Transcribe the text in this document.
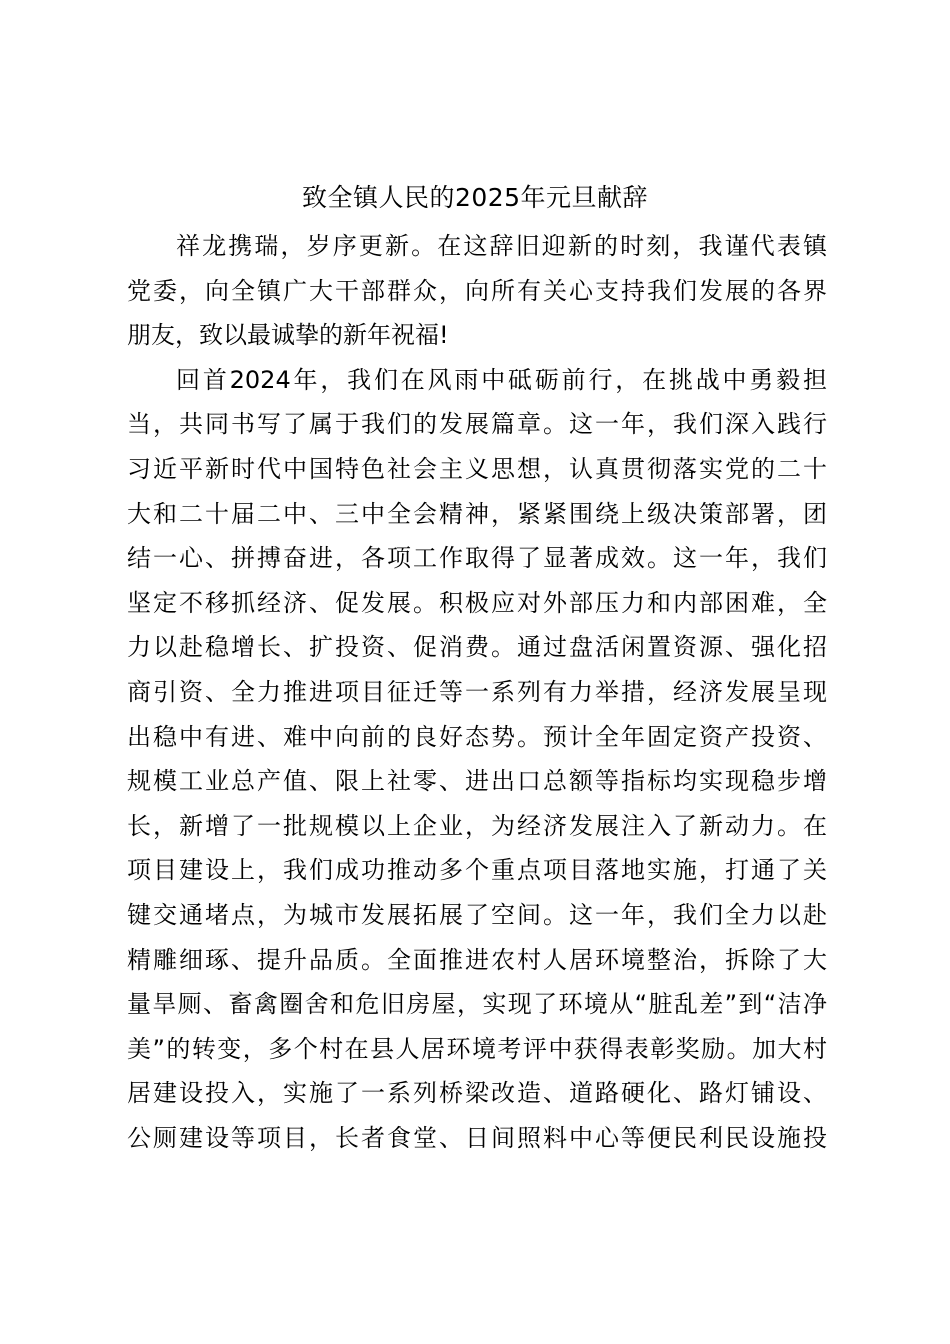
致全镇人民的2025年元旦献辞
祥龙携瑞，岁序更新。在这辞旧迎新的时刻，我谨代表镇
党委，向全镇广大干部群众，向所有关心支持我们发展的各界
朋友，致以最诚挚的新年祝福!
回首2024年，我们在风雨中砥砺前行，在挑战中勇毅担
当，共同书写了属于我们的发展篇章。这一年，我们深入践行
习近平新时代中国特色社会主义思想，认真贯彻落实党的二十
大和二十届二中、三中全会精神，紧紧围绕上级决策部署，团
结一心、拼搏奋进，各项工作取得了显著成效。这一年，我们
坚定不移抓经济、促发展。积极应对外部压力和内部困难，全
力以赴稳增长、扩投资、促消费。通过盘活闲置资源、强化招
商引资、全力推进项目征迁等一系列有力举措，经济发展呈现
出稳中有进、难中向前的良好态势。预计全年固定资产投资、
规模工业总产值、限上社零、进出口总额等指标均实现稳步增
长，新增了一批规模以上企业，为经济发展注入了新动力。在
项目建设上，我们成功推动多个重点项目落地实施，打通了关
键交通堵点，为城市发展拓展了空间。这一年，我们全力以赴
精雕细琢、提升品质。全面推进农村人居环境整治，拆除了大
量旱厕、畜禽圈舍和危旧房屋，实现了环境从“脏乱差”到“洁净
美”的转变，多个村在县人居环境考评中获得表彰奖励。加大村
居建设投入，实施了一系列桥梁改造、道路硬化、路灯铺设、
公厕建设等项目，长者食堂、日间照料中心等便民利民设施投
